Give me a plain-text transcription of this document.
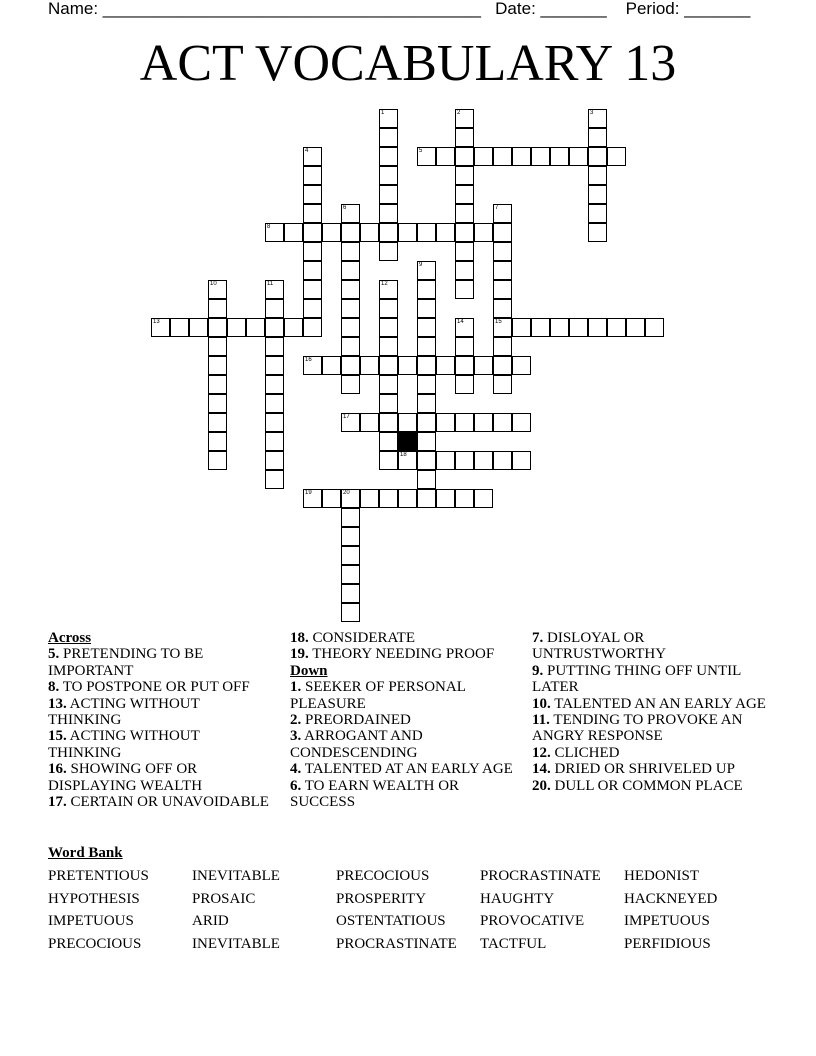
Name: ________________________________________ Date: _______ Period: _______
ACT VOCABULARY 13
1	2	3
4	5
6	7
15
8
9
10	11	12
13	14
16
17
18
19	20
Across
5. PRETENDING TO BE IMPORTANT
8. TO POSTPONE OR PUT OFF
13. ACTING WITHOUT THINKING
15. ACTING WITHOUT THINKING
16. SHOWING OFF OR DISPLAYING WEALTH
17. CERTAIN OR UNAVOIDABLE
18. CONSIDERATE
19. THEORY NEEDING PROOF
Down
1. SEEKER OF PERSONAL PLEASURE
2. PREORDAINED
3. ARROGANT AND CONDESCENDING
4. TALENTED AT AN EARLY AGE
6. TO EARN WEALTH OR SUCCESS
7. DISLOYAL OR UNTRUSTWORTHY
9. PUTTING THING OFF UNTIL LATER
10. TALENTED AN AN EARLY AGE
11. TENDING TO PROVOKE AN ANGRY RESPONSE
12. CLICHED
14. DRIED OR SHRIVELED UP
20. DULL OR COMMON PLACE
Word Bank
PRETENTIOUS	INEVITABLE	PRECOCIOUS	PROCRASTINATE HEDONIST
HYPOTHESIS	PROSAIC	PROSPERITY	HAUGHTY	HACKNEYED
IMPETUOUS	ARID	OSTENTATIOUS PROVOCATIVE	IMPETUOUS
PRECOCIOUS	INEVITABLE	PROCRASTINATE TACTFUL	PERFIDIOUS
